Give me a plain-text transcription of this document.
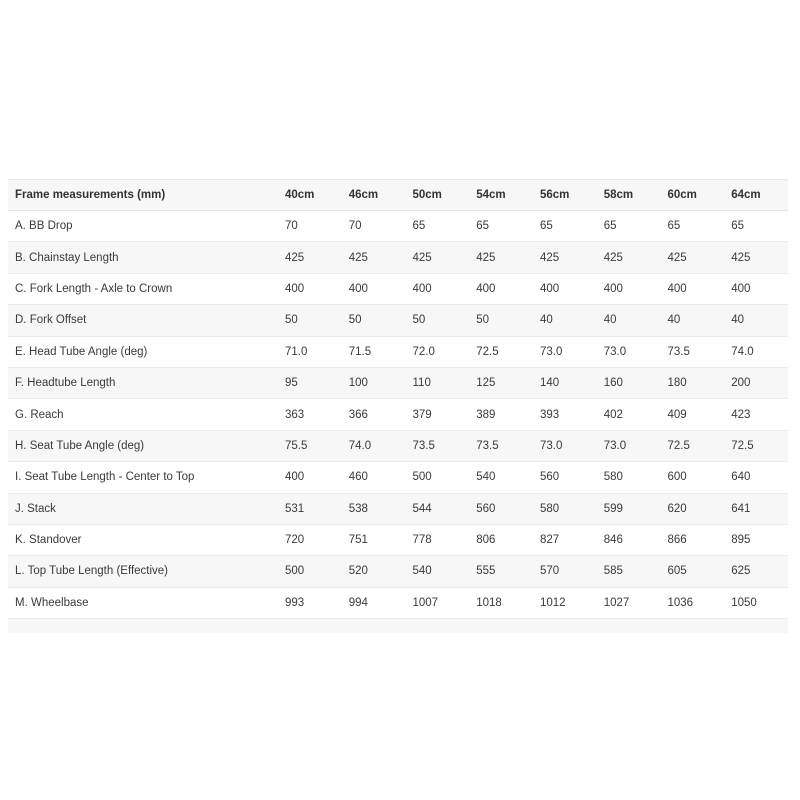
Frame measurements (mm)	40cm	46cm	50cm	54cm	56cm	58cm	60cm	64cm
A. BB Drop	70	70	65	65	65	65	65	65
B. Chainstay Length	425	425	425	425	425	425	425	425
C. Fork Length - Axle to Crown	400	400	400	400	400	400	400	400
D. Fork Offset	50	50	50	50	40	40	40	40
E. Head Tube Angle (deg)	71.0	71.5	72.0	72.5	73.0	73.0	73.5	74.0
F. Headtube Length	95	100	110	125	140	160	180	200
G. Reach	363	366	379	389	393	402	409	423
H. Seat Tube Angle (deg)	75.5	74.0	73.5	73.5	73.0	73.0	72.5	72.5
I. Seat Tube Length - Center to Top	400	460	500	540	560	580	600	640
J. Stack	531	538	544	560	580	599	620	641
K. Standover	720	751	778	806	827	846	866	895
L. Top Tube Length (Effective)	500	520	540	555	570	585	605	625
M. Wheelbase	993	994	1007	1018	1012	1027	1036	1050
